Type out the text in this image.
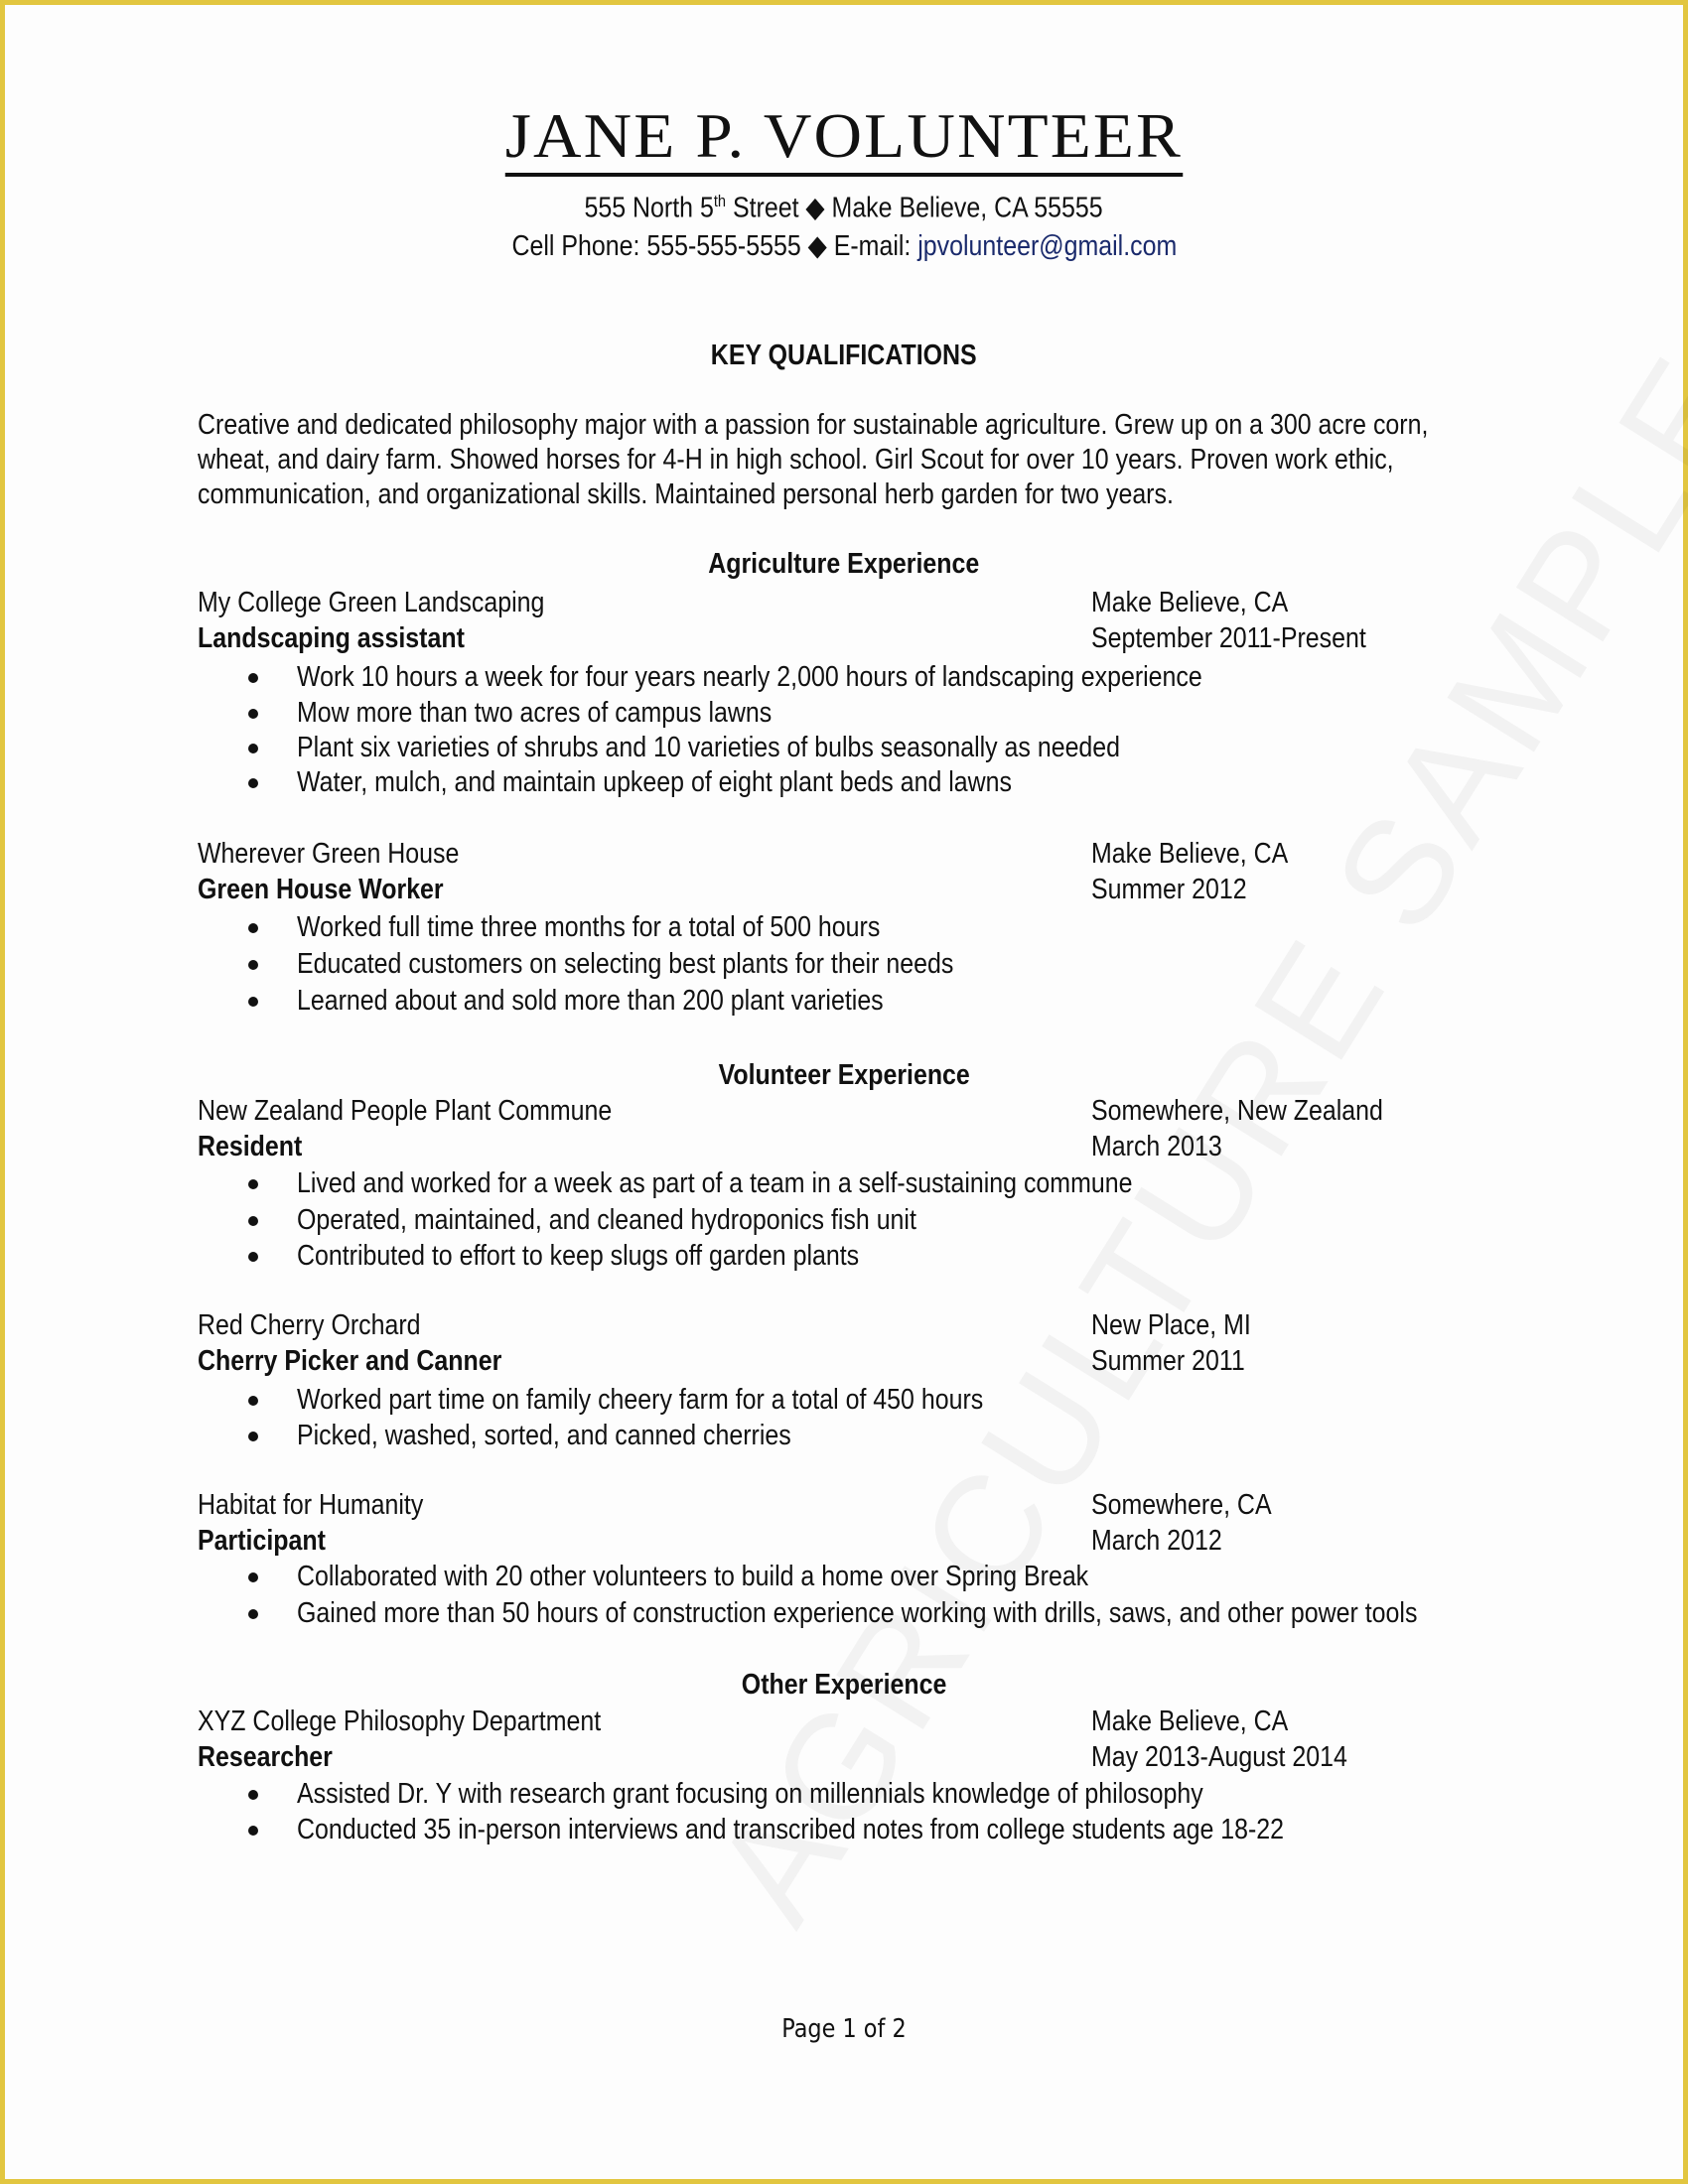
JANE P. VOLUNTEER
555 North 5th Street ◆ Make Believe, CA 55555
Cell Phone: 555-555-5555 ◆ E-mail: jpvolunteer@gmail.com
KEY QUALIFICATIONS
Creative and dedicated philosophy major with a passion for sustainable agriculture. Grew up on a 300 acre corn,
wheat, and dairy farm. Showed horses for 4-H in high school. Girl Scout for over 10 years. Proven work ethic,
communication, and organizational skills. Maintained personal herb garden for two years.
Agriculture Experience
My College Green Landscaping	Make Believe, CA
Landscaping assistant	September 2011-Present
Work 10 hours a week for four years nearly 2,000 hours of landscaping experience
Mow more than two acres of campus lawns
Plant six varieties of shrubs and 10 varieties of bulbs seasonally as needed
Water, mulch, and maintain upkeep of eight plant beds and lawns
Wherever Green House	Make Believe, CA
Green House Worker	Summer 2012
Worked full time three months for a total of 500 hours
Educated customers on selecting best plants for their needs
Learned about and sold more than 200 plant varieties
Volunteer Experience
New Zealand People Plant Commune	Somewhere, New Zealand
Resident	March 2013
Lived and worked for a week as part of a team in a self-sustaining commune
Operated, maintained, and cleaned hydroponics fish unit
Contributed to effort to keep slugs off garden plants
Red Cherry Orchard	New Place, MI
Cherry Picker and Canner	Summer 2011
Worked part time on family cheery farm for a total of 450 hours
Picked, washed, sorted, and canned cherries
Habitat for Humanity	Somewhere, CA
Participant	March 2012
Collaborated with 20 other volunteers to build a home over Spring Break
Gained more than 50 hours of construction experience working with drills, saws, and other power tools
Other Experience
XYZ College Philosophy Department	Make Believe, CA
Researcher	May 2013-August 2014
Assisted Dr. Y with research grant focusing on millennials knowledge of philosophy
Conducted 35 in-person interviews and transcribed notes from college students age 18-22
Page 1 of 2
